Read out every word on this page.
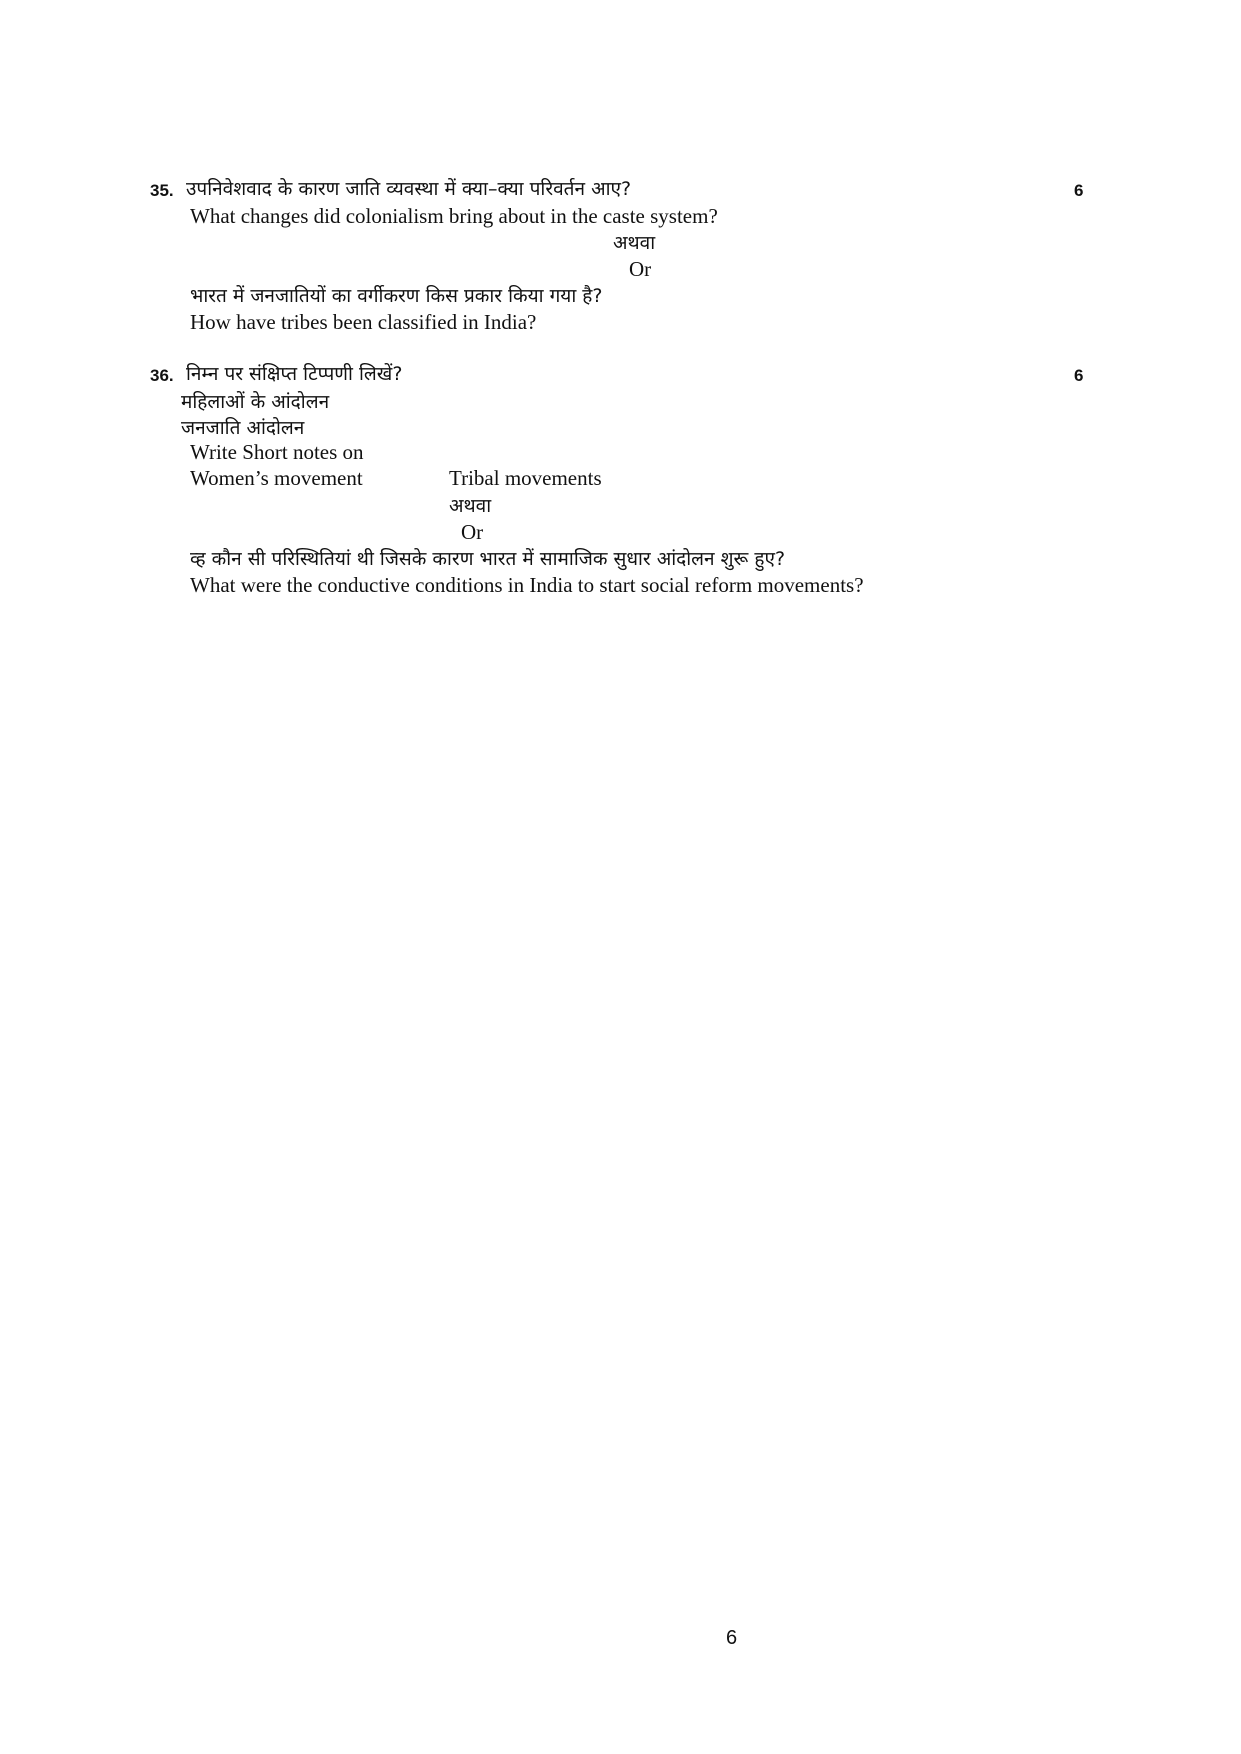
35. उपनिवेशवाद के कारण जाति व्यवस्था में क्या–क्या परिवर्तन आए?	6
What changes did colonialism bring about in the caste system?
अथवा
Or
भारत में जनजातियों का वर्गीकरण किस प्रकार किया गया है?
How have tribes been classified in India?
36. निम्न पर संक्षिप्त टिप्पणी लिखें?	6
महिलाओं के आंदोलन
जनजाति आंदोलन
Write Short notes on
Women’s movement	Tribal movements
अथवा
Or
व्ह कौन सी परिस्थितियां थी जिसके कारण भारत में सामाजिक सुधार आंदोलन शुरू हुए?
What were the conductive conditions in India to start social reform movements?
6
